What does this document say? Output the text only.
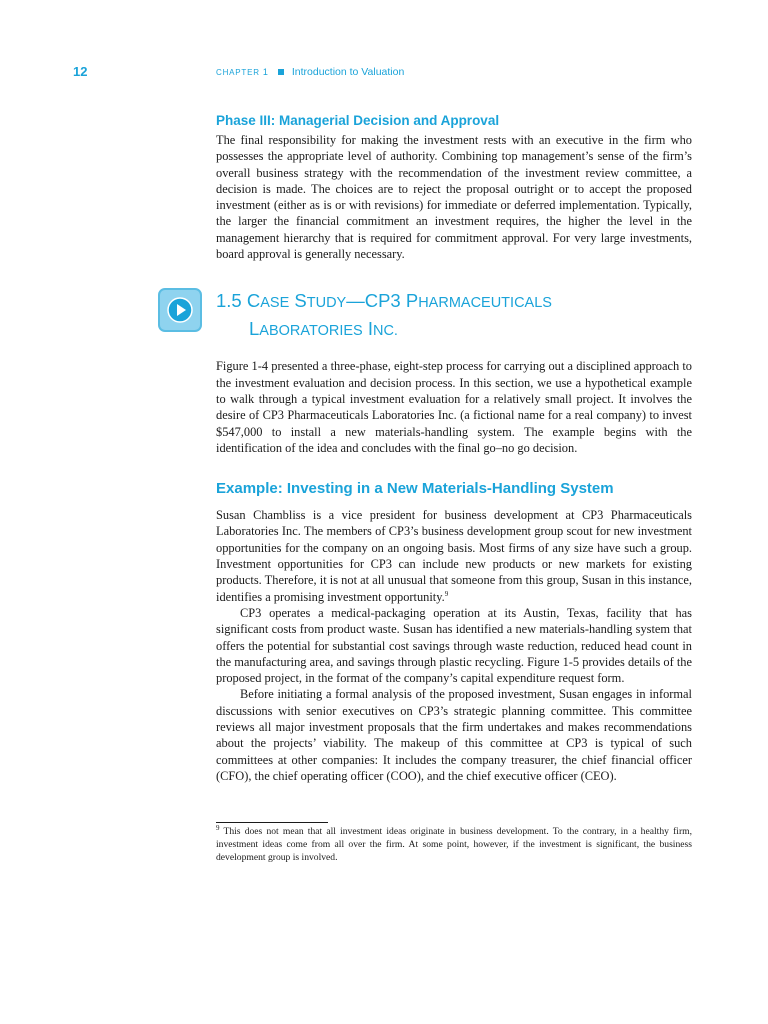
12	CHAPTER 1 Introduction to Valuation
Phase III: Managerial Decision and Approval

The final responsibility for making the investment rests with an executive in the firm who possesses the appropriate level of authority. Combining top management’s sense of the firm’s overall business strategy with the recommendation of the investment review committee, a decision is made. The choices are to reject the proposal outright or to accept the proposed investment (either as is or with revisions) for immediate or deferred implementation. Typically, the larger the financial commitment an investment requires, the higher the level in the management hierarchy that is required for commitment approval. For very large investments, board approval is generally necessary.

1.5 CASE STUDY—CP3 PHARMACEUTICALS
LABORATORIES INC.

Figure 1-4 presented a three-phase, eight-step process for carrying out a disciplined approach to the investment evaluation and decision process. In this section, we use a hypothetical example to walk through a typical investment evaluation for a relatively small project. It involves the desire of CP3 Pharmaceuticals Laboratories Inc. (a fictional name for a real company) to invest $547,000 to install a new materials-handling system. The example begins with the identification of the idea and concludes with the final go–no go decision.

Example: Investing in a New Materials-Handling System

Susan Chambliss is a vice president for business development at CP3 Pharmaceuticals Laboratories Inc. The members of CP3’s business development group scout for new investment opportunities for the company on an ongoing basis. Most firms of any size have such a group. Investment opportunities for CP3 can include new products or new markets for existing products. Therefore, it is not at all unusual that someone from this group, Susan in this instance, identifies a promising investment opportunity.$^9$

CP3 operates a medical-packaging operation at its Austin, Texas, facility that has significant costs from product waste. Susan has identified a new materials-handling system that offers the potential for substantial cost savings through waste reduction, reduced head count in the manufacturing area, and savings through plastic recycling. Figure 1-5 provides details of the proposed project, in the format of the company’s capital expenditure request form.

Before initiating a formal analysis of the proposed investment, Susan engages in informal discussions with senior executives on CP3’s strategic planning committee. This committee reviews all major investment proposals that the firm undertakes and makes recommendations about the projects’ viability. The makeup of this committee at CP3 is typical of such committees at other companies: It includes the company treasurer, the chief financial officer (CFO), the chief operating officer (COO), and the chief executive officer (CEO).

$^9$ This does not mean that all investment ideas originate in business development. To the contrary, in a healthy firm, investment ideas come from all over the firm. At some point, however, if the investment is significant, the business development group is involved.
